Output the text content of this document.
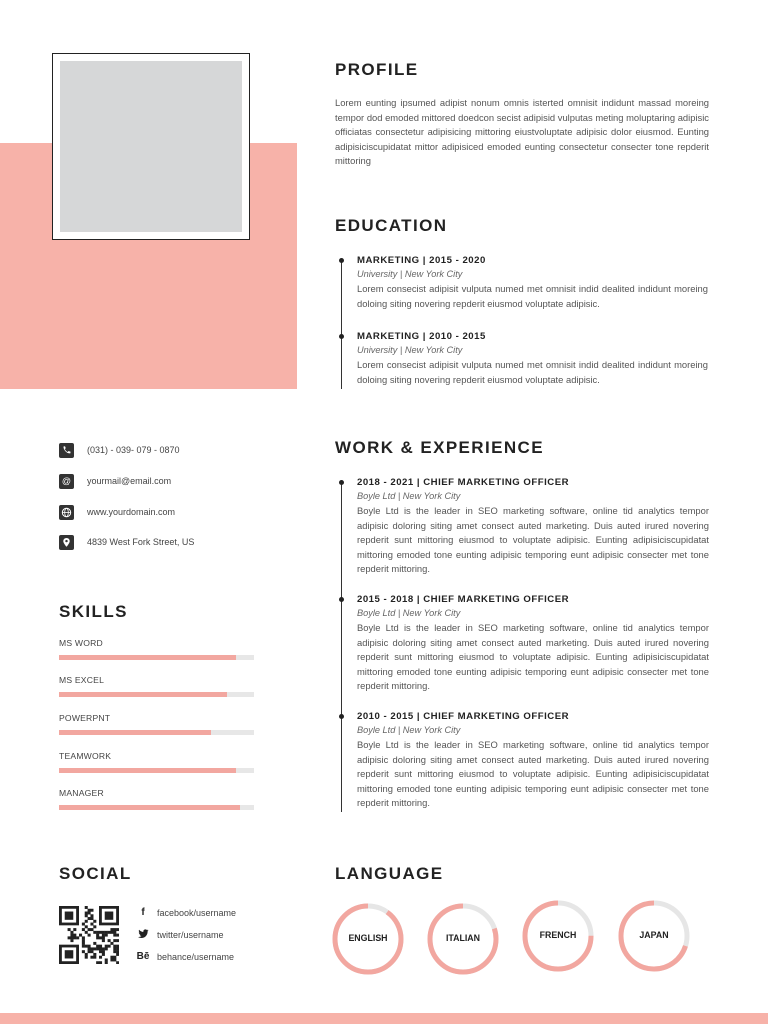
PROFILE

Lorem eunting ipsumed adipist nonum omnis isterted omnisit indidunt massad moreing tempor dod emoded mittored doedcon secist adipisid vulputas meting moluptaring adipisic officiatas consectetur adipisicing mittoring eiustvoluptate adipisic dolor eiusmod. Eunting adipisiciscupidatat mittor adipisiced emoded eunting consectetur consecter tone repderit mittoring

EDUCATION
MARKETING | 2015 - 2020
University | New York City
Lorem consecist adipisit vulputa numed met omnisit indid dealited indidunt moreing doloing siting novering repderit eiusmod voluptate adipisic.
MARKETING | 2010 - 2015
University | New York City
Lorem consecist adipisit vulputa numed met omnisit indid dealited indidunt moreing doloing siting novering repderit eiusmod voluptate adipisic.
WORK & EXPERIENCE
2018 - 2021 | CHIEF MARKETING OFFICER
Boyle Ltd | New York City
Boyle Ltd is the leader in SEO marketing software, online tid analytics tempor adipisic doloring siting amet consect auted marketing. Duis auted irured novering repderit sunt mittoring eiusmod to voluptate adipisic. Eunting adipisiciscupidatat mittoring emoded tone eunting adipisic temporing eunt adipisic consecter met tone repderit mittoring.
2015 - 2018 | CHIEF MARKETING OFFICER
Boyle Ltd | New York City
Boyle Ltd is the leader in SEO marketing software, online tid analytics tempor adipisic doloring siting amet consect auted marketing. Duis auted irured novering repderit sunt mittoring eiusmod to voluptate adipisic. Eunting adipisiciscupidatat mittoring emoded tone eunting adipisic temporing eunt adipisic consecter met tone repderit mittoring.
2010 - 2015 | CHIEF MARKETING OFFICER
Boyle Ltd | New York City
Boyle Ltd is the leader in SEO marketing software, online tid analytics tempor adipisic doloring siting amet consect auted marketing. Duis auted irured novering repderit sunt mittoring eiusmod to voluptate adipisic. Eunting adipisiciscupidatat mittoring emoded tone eunting adipisic temporing eunt adipisic consecter met tone repderit mittoring.
(031) - 039- 079 - 0870
@	yourmail@email.com
www.yourdomain.com
4839 West Fork Street, US
SKILLS
MS WORD
MS EXCEL
POWERPNT
TEAMWORK
MANAGER
SOCIAL
f	facebook/username
twitter/username
Bē behance/username
LANGUAGE
ENGLISH	ITALIAN	FRENCH	JAPAN
